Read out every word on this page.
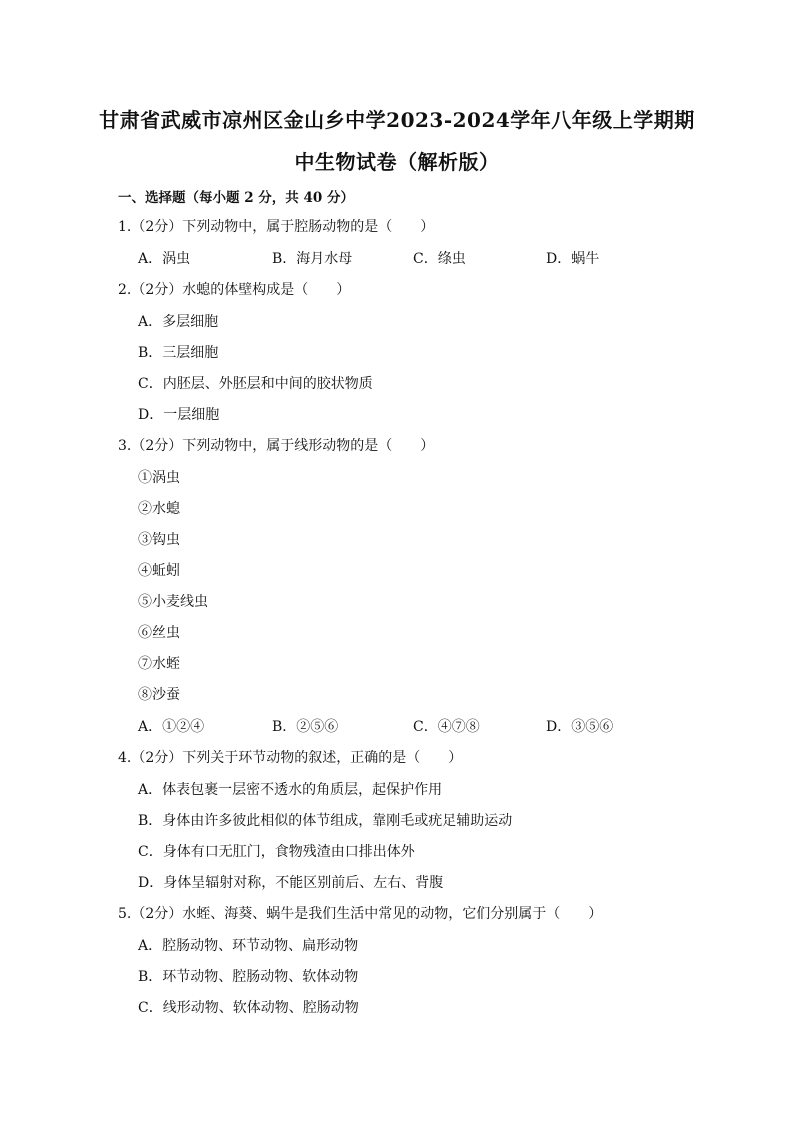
甘肃省武威市凉州区金山乡中学2023-2024学年八年级上学期期
中生物试卷（解析版）
一、选择题（每小题 2 分，共 40 分）
1.（2分）下列动物中，属于腔肠动物的是（　　）
A．涡虫	B．海月水母	C．绦虫	D．蜗牛
2.（2分）水螅的体壁构成是（　　）
A．多层细胞
B．三层细胞
C．内胚层、外胚层和中间的胶状物质
D．一层细胞
3.（2分）下列动物中，属于线形动物的是（　　）
①涡虫
②水螅
③钩虫
④蚯蚓
⑤小麦线虫
⑥丝虫
⑦水蛭
⑧沙蚕
A．①②④	B．②⑤⑥	C．④⑦⑧	D．③⑤⑥
4.（2分）下列关于环节动物的叙述，正确的是（　　）
A．体表包裹一层密不透水的角质层，起保护作用
B．身体由许多彼此相似的体节组成，靠刚毛或疣足辅助运动
C．身体有口无肛门，食物残渣由口排出体外
D．身体呈辐射对称，不能区别前后、左右、背腹
5.（2分）水蛭、海葵、蜗牛是我们生活中常见的动物，它们分别属于（　　）
A．腔肠动物、环节动物、扁形动物
B．环节动物、腔肠动物、软体动物
C．线形动物、软体动物、腔肠动物
